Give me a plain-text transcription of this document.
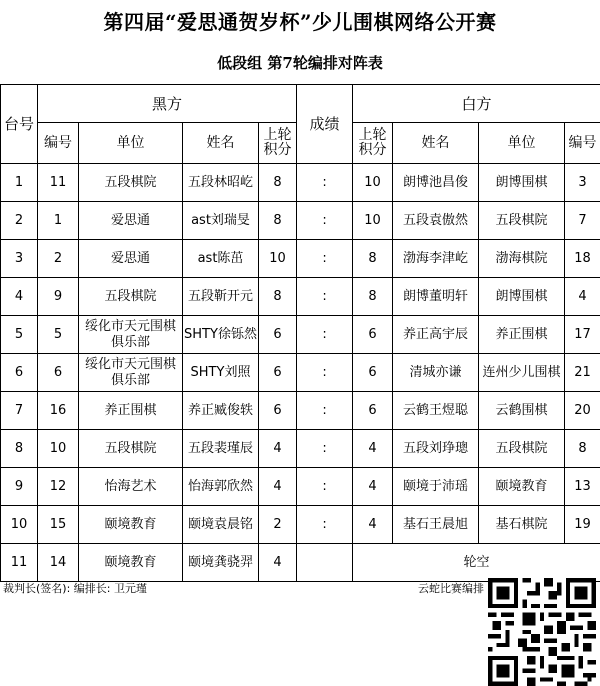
第四届“爱思通贺岁杯”少儿围棋网络公开赛
低段组 第7轮编排对阵表
台号	黑方				成绩	白方			
	编号	单位	姓名	上轮积分		上轮积分	姓名	单位	编号
1	11	五段棋院	五段林昭屹	8	:	10	朗博池昌俊	朗博围棋	3
2	1	爱思通	ast刘瑞旻	8	:	10	五段袁傲然	五段棋院	7
3	2	爱思通	ast陈茁	10	:	8	渤海李津屹	渤海棋院	18
4	9	五段棋院	五段靳开元	8	:	8	朗博董明轩	朗博围棋	4
5	5	绥化市天元围棋俱乐部	SHTY徐铄然	6	:	6	养正高宇辰	养正围棋	17
6	6	绥化市天元围棋俱乐部	SHTY刘照	6	:	6	清城亦谦	连州少儿围棋	21
7	16	养正围棋	养正臧俊轶	6	:	6	云鹤王煜聪	云鹤围棋	20
8	10	五段棋院	五段裴瑾辰	4	:	4	五段刘琤璁	五段棋院	8
9	12	怡海艺术	怡海郭欣然	4	:	4	颐境于沛瑶	颐境教育	13
10	15	颐境教育	颐境袁晨铭	2	:	4	基石王晨旭	基石棋院	19
11	14	颐境教育	颐境龚骁羿	4		轮空			
裁判长(签名): 编排长: 卫元瑾	云蛇比赛编排
